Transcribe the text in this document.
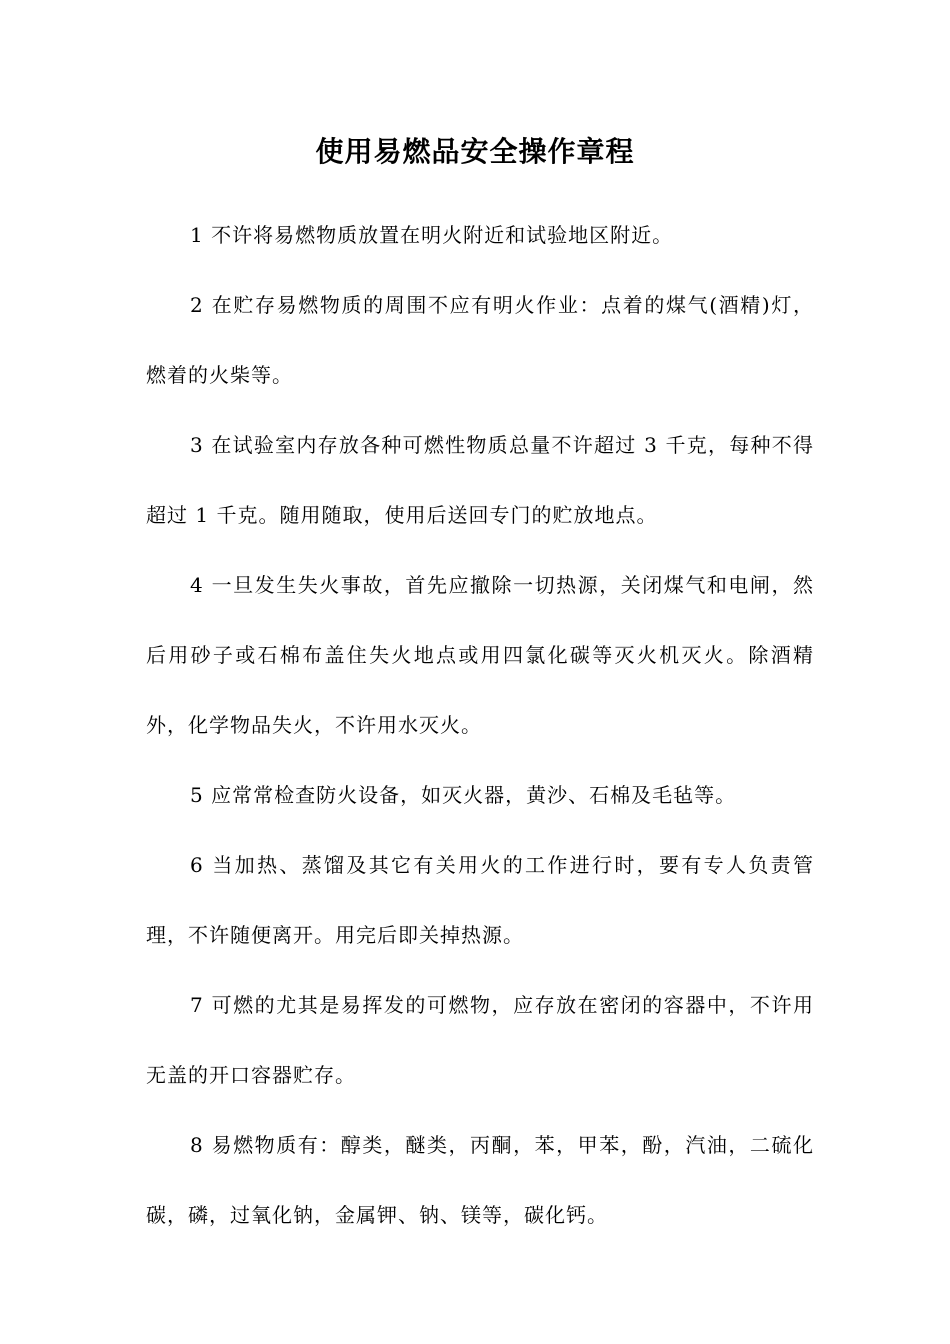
使用易燃品安全操作章程

1 不许将易燃物质放置在明火附近和试验地区附近。

2 在贮存易燃物质的周围不应有明火作业：点着的煤气(酒精)灯，燃着的火柴等。

3 在试验室内存放各种可燃性物质总量不许超过 3 千克，每种不得超过 1 千克。随用随取，使用后送回专门的贮放地点。

4 一旦发生失火事故，首先应撤除一切热源，关闭煤气和电闸，然后用砂子或石棉布盖住失火地点或用四氯化碳等灭火机灭火。除酒精外，化学物品失火，不许用水灭火。

5 应常常检查防火设备，如灭火器，黄沙、石棉及毛毡等。

6 当加热、蒸馏及其它有关用火的工作进行时，要有专人负责管理，不许随便离开。用完后即关掉热源。

7 可燃的尤其是易挥发的可燃物，应存放在密闭的容器中，不许用无盖的开口容器贮存。

8 易燃物质有：醇类，醚类，丙酮，苯，甲苯，酚，汽油，二硫化碳，磷，过氧化钠，金属钾、钠、镁等，碳化钙。
